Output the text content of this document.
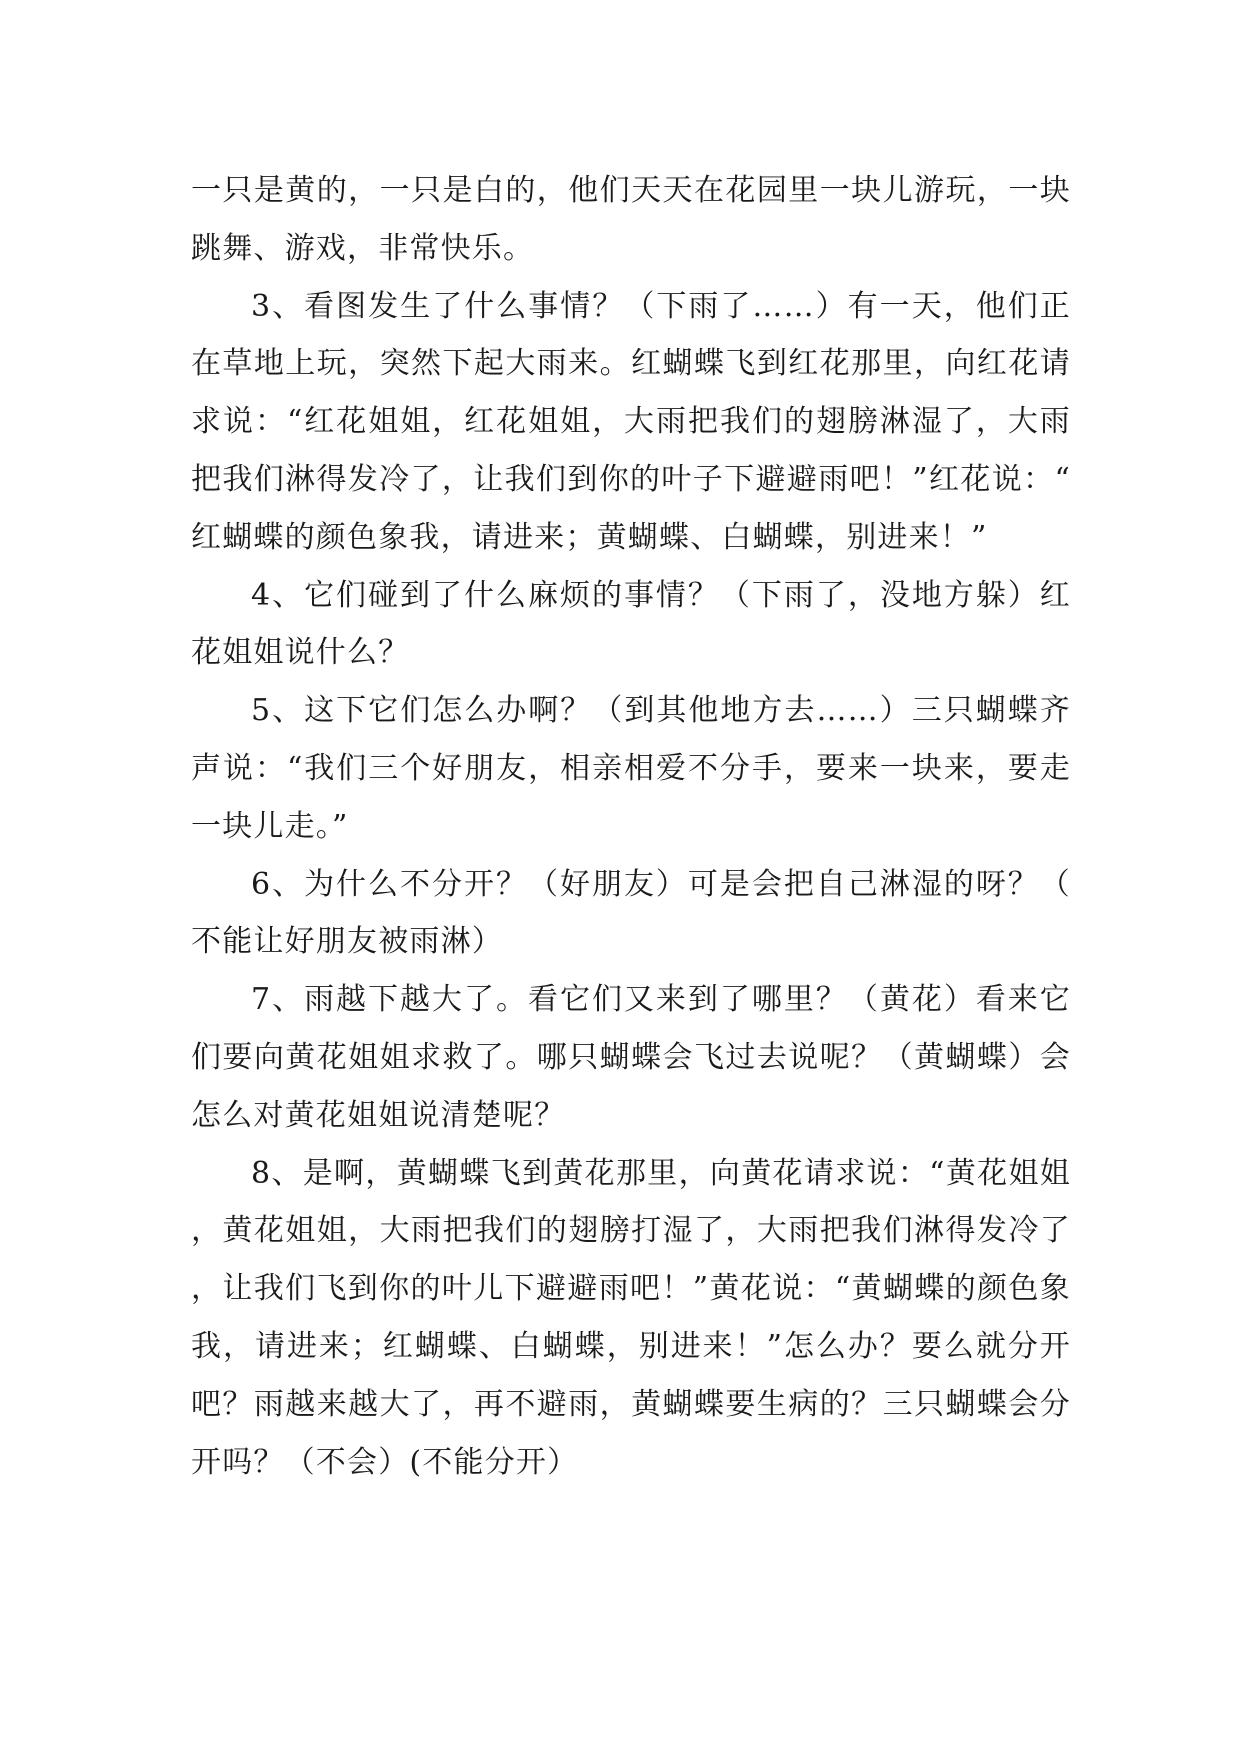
一只是黄的，一只是白的，他们天天在花园里一块儿游玩，一块跳舞、游戏，非常快乐。

3、看图发生了什么事情？（下雨了……）有一天，他们正在草地上玩，突然下起大雨来。红蝴蝶飞到红花那里，向红花请求说：“红花姐姐，红花姐姐，大雨把我们的翅膀淋湿了，大雨把我们淋得发冷了，让我们到你的叶子下避避雨吧！”红花说：“红蝴蝶的颜色象我，请进来；黄蝴蝶、白蝴蝶，别进来！”

4、它们碰到了什么麻烦的事情？（下雨了，没地方躲）红花姐姐说什么？

5、这下它们怎么办啊？（到其他地方去……）三只蝴蝶齐声说：“我们三个好朋友，相亲相爱不分手，要来一块来，要走一块儿走。”

6、为什么不分开？（好朋友）可是会把自己淋湿的呀？（不能让好朋友被雨淋）

7、雨越下越大了。看它们又来到了哪里？（黄花）看来它们要向黄花姐姐求救了。哪只蝴蝶会飞过去说呢？（黄蝴蝶）会怎么对黄花姐姐说清楚呢？

8、是啊，黄蝴蝶飞到黄花那里，向黄花请求说：“黄花姐姐，黄花姐姐，大雨把我们的翅膀打湿了，大雨把我们淋得发冷了，让我们飞到你的叶儿下避避雨吧！”黄花说：“黄蝴蝶的颜色象我，请进来；红蝴蝶、白蝴蝶，别进来！”怎么办？要么就分开吧？雨越来越大了，再不避雨，黄蝴蝶要生病的？三只蝴蝶会分开吗？（不会）(不能分开）
